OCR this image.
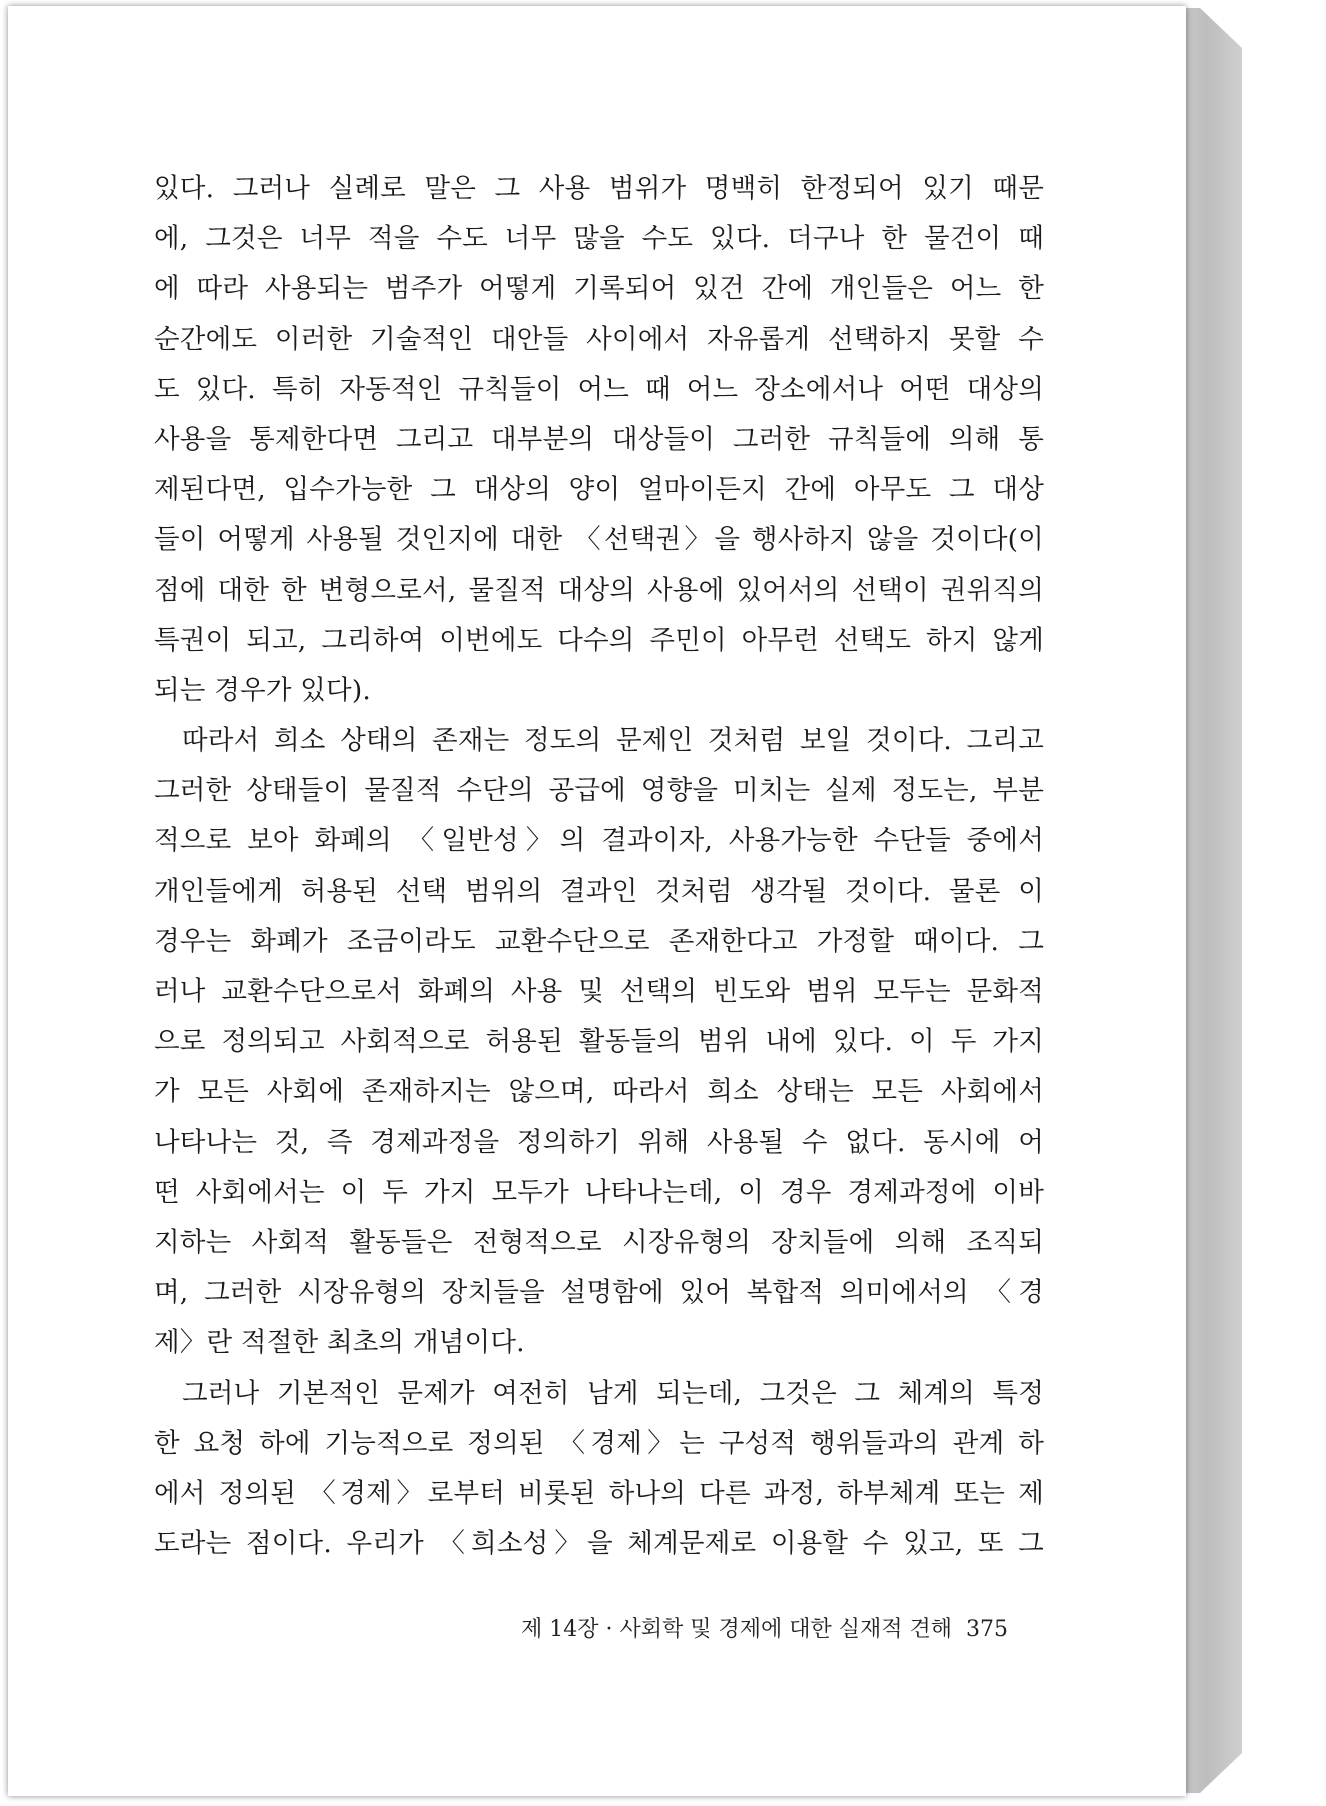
있다. 그러나 실례로 말은 그 사용 범위가 명백히 한정되어 있기 때문
에, 그것은 너무 적을 수도 너무 많을 수도 있다. 더구나 한 물건이 때
에 따라 사용되는 범주가 어떻게 기록되어 있건 간에 개인들은 어느 한
순간에도 이러한 기술적인 대안들 사이에서 자유롭게 선택하지 못할 수
도 있다. 특히 자동적인 규칙들이 어느 때 어느 장소에서나 어떤 대상의
사용을 통제한다면 그리고 대부분의 대상들이 그러한 규칙들에 의해 통
제된다면, 입수가능한 그 대상의 양이 얼마이든지 간에 아무도 그 대상
들이 어떻게 사용될 것인지에 대한 〈선택권〉을 행사하지 않을 것이다(이
점에 대한 한 변형으로서, 물질적 대상의 사용에 있어서의 선택이 권위직의
특권이 되고, 그리하여 이번에도 다수의 주민이 아무런 선택도 하지 않게
되는 경우가 있다).
따라서 희소 상태의 존재는 정도의 문제인 것처럼 보일 것이다. 그리고
그러한 상태들이 물질적 수단의 공급에 영향을 미치는 실제 정도는, 부분
적으로 보아 화폐의 〈일반성〉의 결과이자, 사용가능한 수단들 중에서
개인들에게 허용된 선택 범위의 결과인 것처럼 생각될 것이다. 물론 이
경우는 화폐가 조금이라도 교환수단으로 존재한다고 가정할 때이다. 그
러나 교환수단으로서 화폐의 사용 및 선택의 빈도와 범위 모두는 문화적
으로 정의되고 사회적으로 허용된 활동들의 범위 내에 있다. 이 두 가지
가 모든 사회에 존재하지는 않으며, 따라서 희소 상태는 모든 사회에서
나타나는 것, 즉 경제과정을 정의하기 위해 사용될 수 없다. 동시에 어
떤 사회에서는 이 두 가지 모두가 나타나는데, 이 경우 경제과정에 이바
지하는 사회적 활동들은 전형적으로 시장유형의 장치들에 의해 조직되
며, 그러한 시장유형의 장치들을 설명함에 있어 복합적 의미에서의 〈경
제〉란 적절한 최초의 개념이다.
그러나 기본적인 문제가 여전히 남게 되는데, 그것은 그 체계의 특정
한 요청 하에 기능적으로 정의된 〈경제〉는 구성적 행위들과의 관계 하
에서 정의된 〈경제〉로부터 비롯된 하나의 다른 과정, 하부체계 또는 제
도라는 점이다. 우리가 〈희소성〉을 체계문제로 이용할 수 있고, 또 그
제 14장 · 사회학 및 경제에 대한 실재적 견해 375
